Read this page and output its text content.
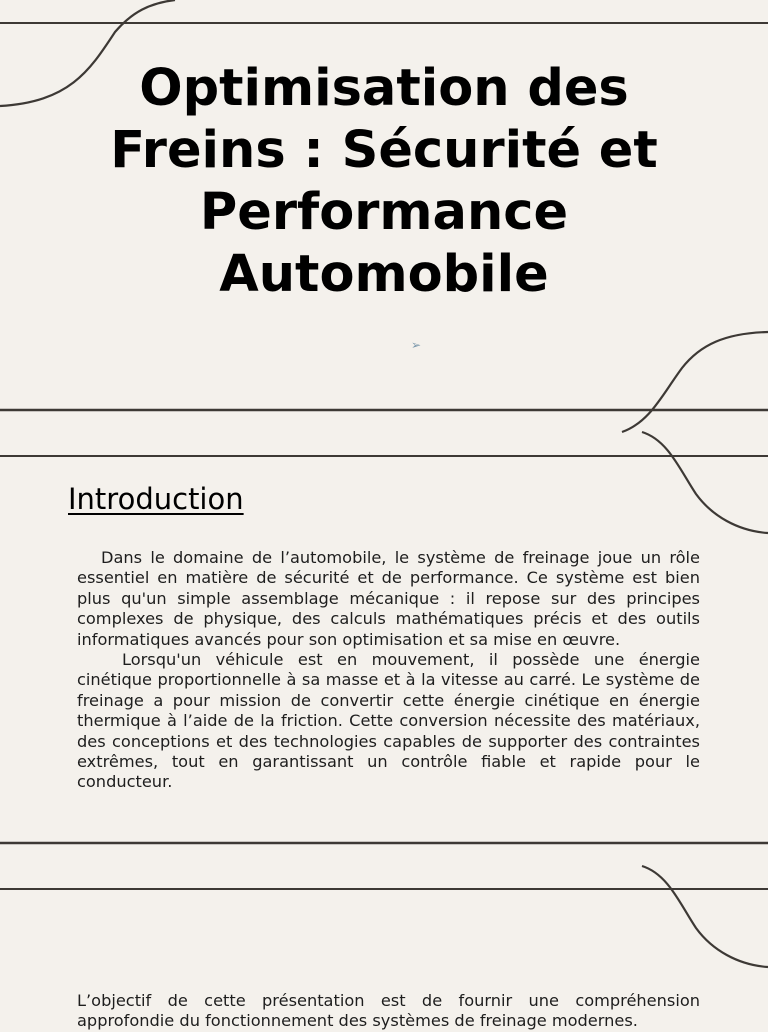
Optimisation des Freins : Sécurité et Performance Automobile
➢
Introduction

Dans le domaine de l’automobile, le système de freinage joue un rôle essentiel en matière de sécurité et de performance. Ce système est bien plus qu'un simple assemblage mécanique : il repose sur des principes complexes de physique, des calculs mathématiques précis et des outils informatiques avancés pour son optimisation et sa mise en œuvre.

Lorsqu'un véhicule est en mouvement, il possède une énergie cinétique proportionnelle à sa masse et à la vitesse au carré. Le système de freinage a pour mission de convertir cette énergie cinétique en énergie thermique à l’aide de la friction. Cette conversion nécessite des matériaux, des conceptions et des technologies capables de supporter des contraintes extrêmes, tout en garantissant un contrôle fiable et rapide pour le conducteur.

L’objectif de cette présentation est de fournir une compréhension approfondie du fonctionnement des systèmes de freinage modernes.
